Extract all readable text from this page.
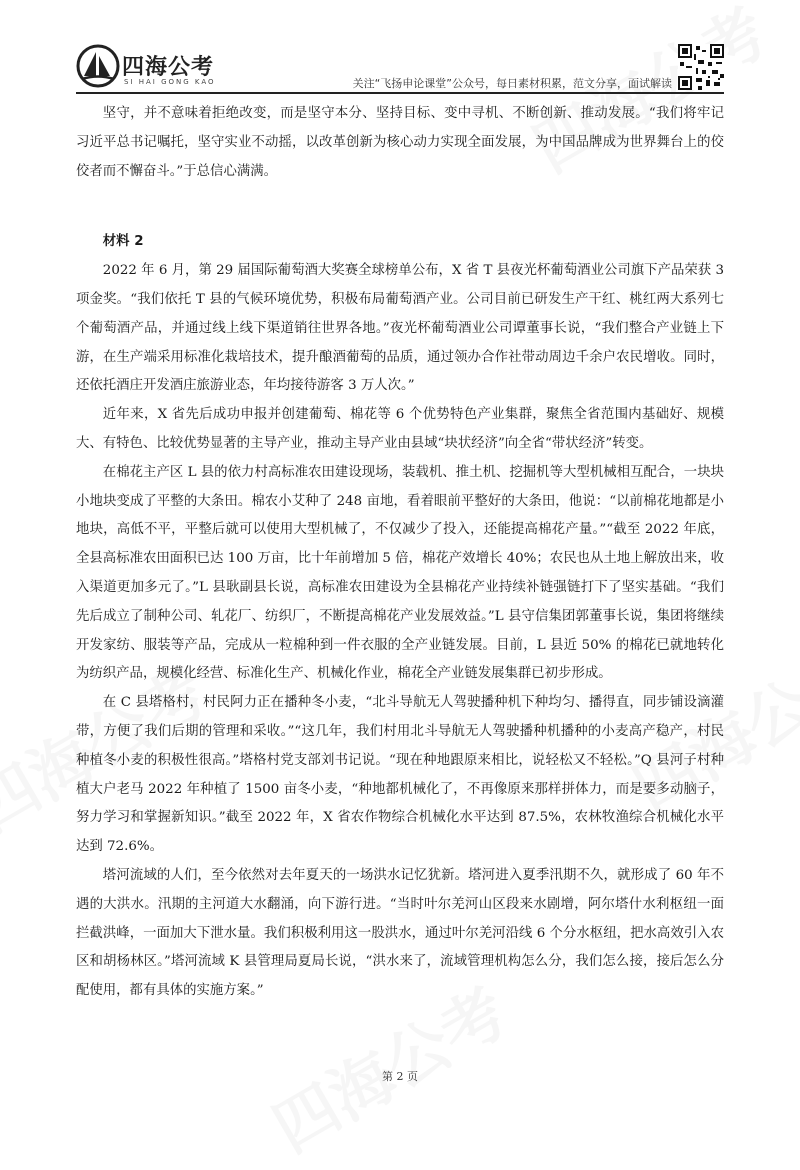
四海公考
SI HAI GONG KAO	关注“飞扬申论课堂”公众号，每日素材积累，范文分享，面试解读

坚守，并不意味着拒绝改变，而是坚守本分、坚持目标、变中寻机、不断创新、推动发展。“我们将牢记习近平总书记嘱托，坚守实业不动摇，以改革创新为核心动力实现全面发展，为中国品牌成为世界舞台上的佼佼者而不懈奋斗。”于总信心满满。

材料 2

2022 年 6 月，第 29 届国际葡萄酒大奖赛全球榜单公布，X 省 T 县夜光杯葡萄酒业公司旗下产品荣获 3 项金奖。“我们依托 T 县的气候环境优势，积极布局葡萄酒产业。公司目前已研发生产干红、桃红两大系列七个葡萄酒产品，并通过线上线下渠道销往世界各地。”夜光杯葡萄酒业公司谭董事长说，“我们整合产业链上下游，在生产端采用标准化栽培技术，提升酿酒葡萄的品质，通过领办合作社带动周边千余户农民增收。同时，还依托酒庄开发酒庄旅游业态，年均接待游客 3 万人次。”

近年来，X 省先后成功申报并创建葡萄、棉花等 6 个优势特色产业集群，聚焦全省范围内基础好、规模大、有特色、比较优势显著的主导产业，推动主导产业由县域“块状经济”向全省“带状经济”转变。

在棉花主产区 L 县的依力村高标准农田建设现场，装载机、推土机、挖掘机等大型机械相互配合，一块块小地块变成了平整的大条田。棉农小艾种了 248 亩地，看着眼前平整好的大条田，他说：“以前棉花地都是小地块，高低不平，平整后就可以使用大型机械了，不仅减少了投入，还能提高棉花产量。”“截至 2022 年底，全县高标准农田面积已达 100 万亩，比十年前增加 5 倍，棉花产效增长 40%；农民也从土地上解放出来，收入渠道更加多元了。”L 县耿副县长说，高标准农田建设为全县棉花产业持续补链强链打下了坚实基础。“我们先后成立了制种公司、轧花厂、纺织厂，不断提高棉花产业发展效益。”L 县守信集团郭董事长说，集团将继续开发家纺、服装等产品，完成从一粒棉种到一件衣服的全产业链发展。目前，L 县近 50% 的棉花已就地转化为纺织产品，规模化经营、标准化生产、机械化作业，棉花全产业链发展集群已初步形成。

在 C 县塔格村，村民阿力正在播种冬小麦，“北斗导航无人驾驶播种机下种均匀、播得直，同步铺设滴灌带，方便了我们后期的管理和采收。”“这几年，我们村用北斗导航无人驾驶播种机播种的小麦高产稳产，村民种植冬小麦的积极性很高。”塔格村党支部刘书记说。“现在种地跟原来相比，说轻松又不轻松。”Q 县河子村种植大户老马 2022 年种植了 1500 亩冬小麦，“种地都机械化了，不再像原来那样拼体力，而是要多动脑子，努力学习和掌握新知识。”截至 2022 年，X 省农作物综合机械化水平达到 87.5%，农林牧渔综合机械化水平达到 72.6%。

塔河流域的人们，至今依然对去年夏天的一场洪水记忆犹新。塔河进入夏季汛期不久，就形成了 60 年不遇的大洪水。汛期的主河道大水翻涌，向下游行进。“当时叶尔羌河山区段来水剧增，阿尔塔什水利枢纽一面拦截洪峰，一面加大下泄水量。我们积极利用这一股洪水，通过叶尔羌河沿线 6 个分水枢纽，把水高效引入农区和胡杨林区。”塔河流域 K 县管理局夏局长说，“洪水来了，流域管理机构怎么分，我们怎么接，接后怎么分配使用，都有具体的实施方案。”

第 2 页
